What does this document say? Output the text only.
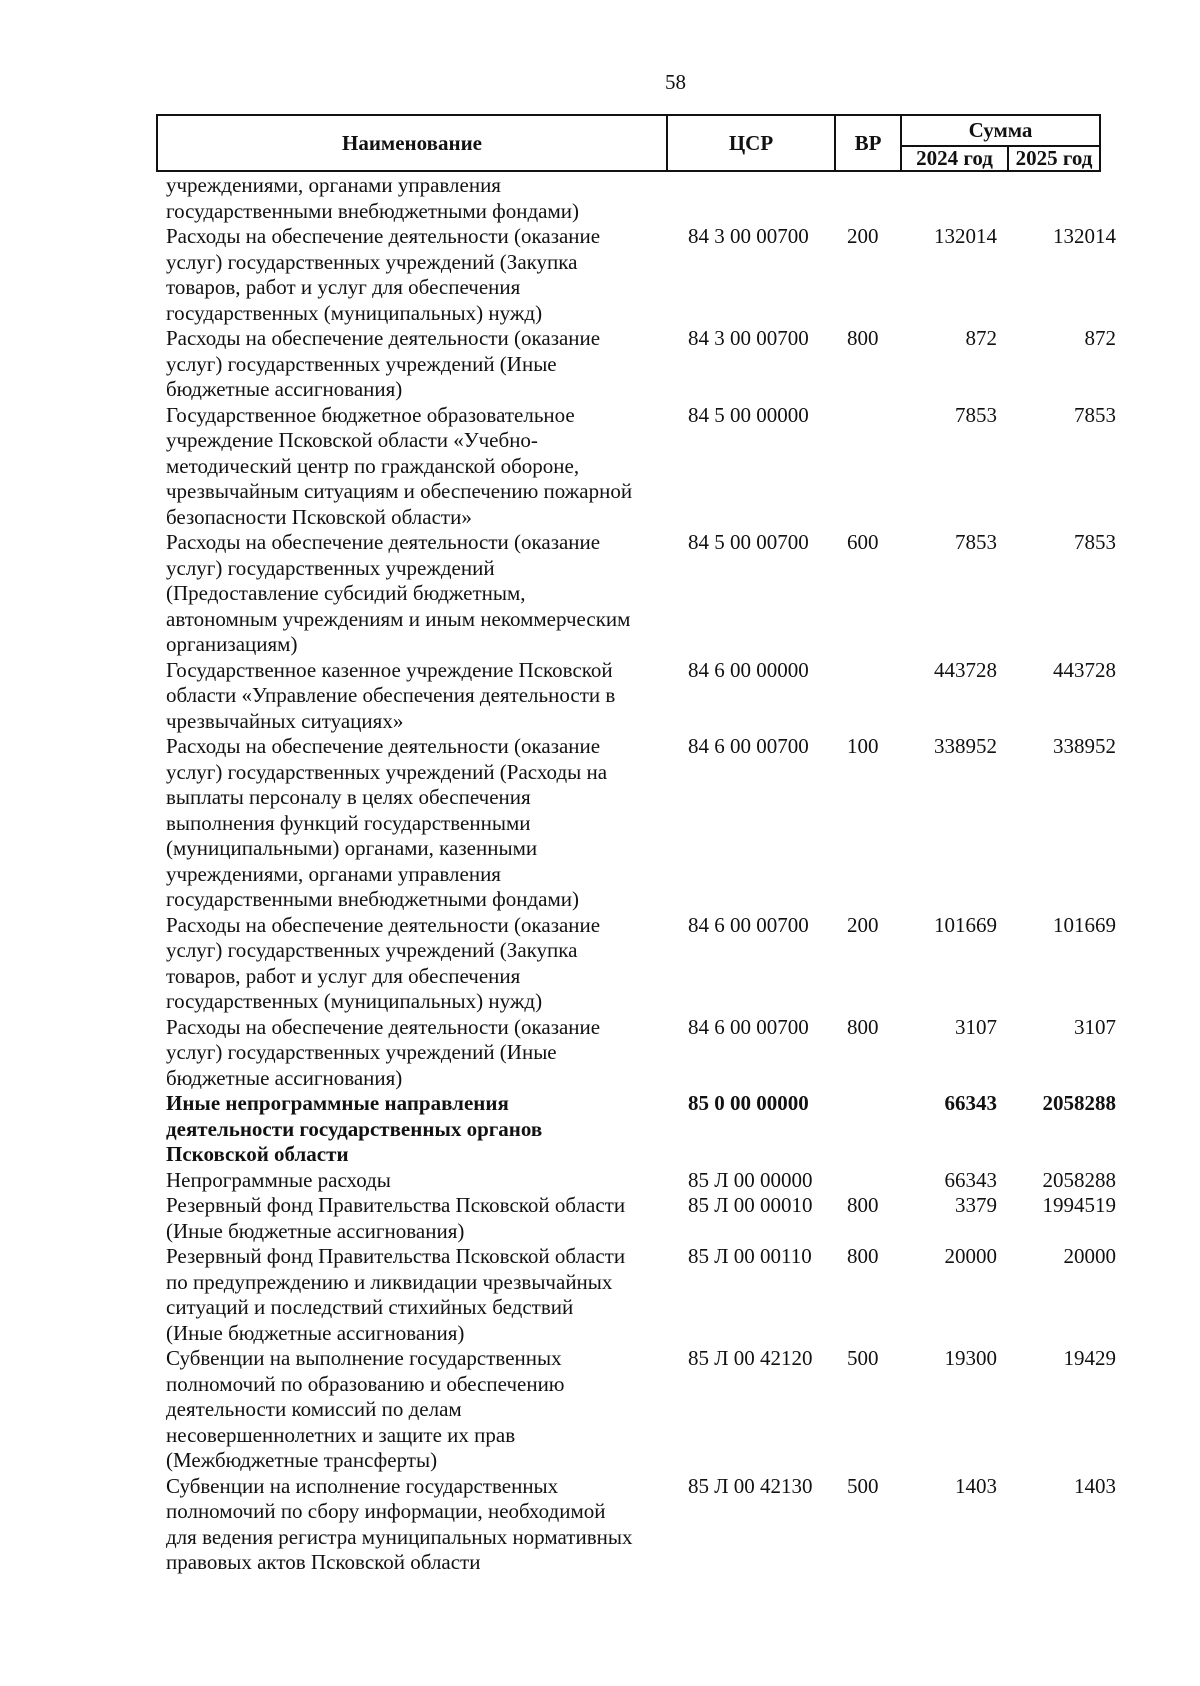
58
Наименование	ЦСР	ВР
Сумма
2024 год	2025 год
учреждениями, органами управления
государственными внебюджетными фондами)
Расходы на обеспечение деятельности (оказание
услуг) государственных учреждений (Закупка
товаров, работ и услуг для обеспечения
государственных (муниципальных) нужд)
84 3 00 00700 200	132014	132014
Расходы на обеспечение деятельности (оказание
услуг) государственных учреждений (Иные
бюджетные ассигнования)
84 3 00 00700 800	872	872
Государственное бюджетное образовательное
учреждение Псковской области «Учебно-
методический центр по гражданской обороне,
чрезвычайным ситуациям и обеспечению пожарной
безопасности Псковской области»
84 5 00 00000	7853	7853
Расходы на обеспечение деятельности (оказание
услуг) государственных учреждений
(Предоставление субсидий бюджетным,
автономным учреждениям и иным некоммерческим
организациям)
84 5 00 00700 600	7853	7853
Государственное казенное учреждение Псковской
области «Управление обеспечения деятельности в
чрезвычайных ситуациях»
84 6 00 00000	443728	443728
Расходы на обеспечение деятельности (оказание
услуг) государственных учреждений (Расходы на
выплаты персоналу в целях обеспечения
выполнения функций государственными
(муниципальными) органами, казенными
учреждениями, органами управления
государственными внебюджетными фондами)
84 6 00 00700 100	338952	338952
Расходы на обеспечение деятельности (оказание
услуг) государственных учреждений (Закупка
товаров, работ и услуг для обеспечения
государственных (муниципальных) нужд)
84 6 00 00700 200	101669	101669
Расходы на обеспечение деятельности (оказание
услуг) государственных учреждений (Иные
бюджетные ассигнования)
84 6 00 00700 800	3107	3107
Иные непрограммные направления
деятельности государственных органов
Псковской области
85 0 00 00000	66343 2058288
Непрограммные расходы	85 Л 00 00000	66343 2058288
Резервный фонд Правительства Псковской области
(Иные бюджетные ассигнования)
85 Л 00 00010 800	3379 1994519
Резервный фонд Правительства Псковской области
по предупреждению и ликвидации чрезвычайных
ситуаций и последствий стихийных бедствий
(Иные бюджетные ассигнования)
85 Л 00 00110 800	20000	20000
Субвенции на выполнение государственных
полномочий по образованию и обеспечению
деятельности комиссий по делам
несовершеннолетних и защите их прав
(Межбюджетные трансферты)
85 Л 00 42120 500	19300	19429
Субвенции на исполнение государственных
полномочий по сбору информации, необходимой
для ведения регистра муниципальных нормативных
правовых актов Псковской области
85 Л 00 42130 500	1403	1403
